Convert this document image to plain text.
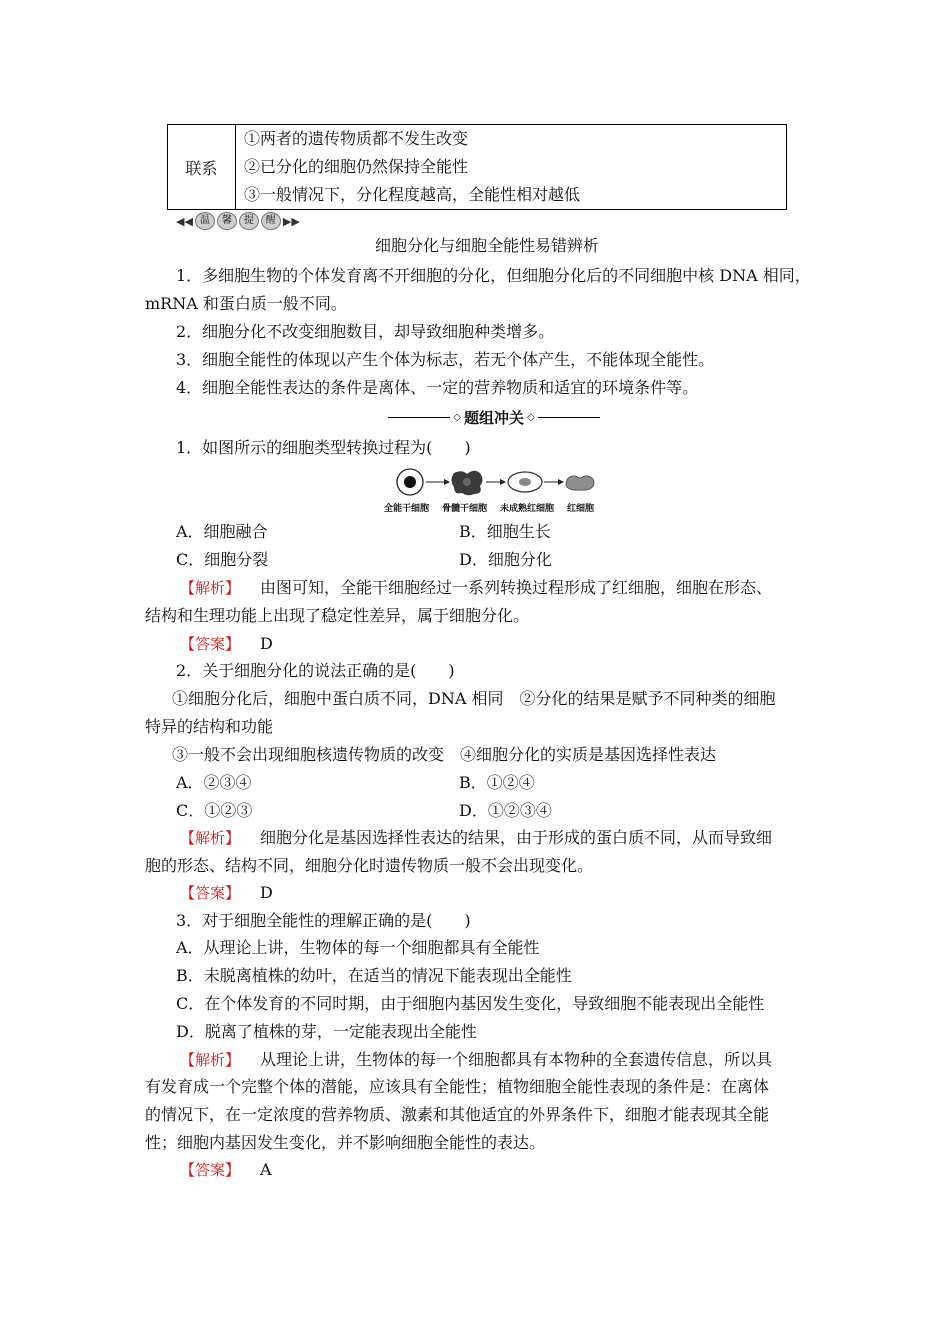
联系	
①两者的遗传物质都不发生改变
②已分化的细胞仍然保持全能性
③一般情况下，分化程度越高，全能性相对越低
◀◀ 温	馨	提	醒 ▶▶
细胞分化与细胞全能性易错辨析
1．多细胞生物的个体发育离不开细胞的分化，但细胞分化后的不同细胞中核 DNA 相同，
mRNA 和蛋白质一般不同。
2．细胞分化不改变细胞数目，却导致细胞种类增多。
3．细胞全能性的体现以产生个体为标志，若无个体产生，不能体现全能性。
4．细胞全能性表达的条件是离体、一定的营养物质和适宜的环境条件等。
◇ 题组冲关 ◇
1．如图所示的细胞类型转换过程为(　　)
全能干细胞 骨髓干细胞 未成熟红细胞 红细胞
A．细胞融合	B．细胞生长
C．细胞分裂	D．细胞分化
【解析】 由图可知，全能干细胞经过一系列转换过程形成了红细胞，细胞在形态、
结构和生理功能上出现了稳定性差异，属于细胞分化。
【答案】 D
2．关于细胞分化的说法正确的是(　　)
①细胞分化后，细胞中蛋白质不同，DNA 相同　②分化的结果是赋予不同种类的细胞
特异的结构和功能
③一般不会出现细胞核遗传物质的改变　④细胞分化的实质是基因选择性表达
A．②③④	B．①②④
C．①②③	D．①②③④
【解析】 细胞分化是基因选择性表达的结果，由于形成的蛋白质不同，从而导致细
胞的形态、结构不同，细胞分化时遗传物质一般不会出现变化。
【答案】 D
3．对于细胞全能性的理解正确的是(　　)
A．从理论上讲，生物体的每一个细胞都具有全能性
B．未脱离植株的幼叶，在适当的情况下能表现出全能性
C．在个体发育的不同时期，由于细胞内基因发生变化，导致细胞不能表现出全能性
D．脱离了植株的芽，一定能表现出全能性
【解析】 从理论上讲，生物体的每一个细胞都具有本物种的全套遗传信息，所以具
有发育成一个完整个体的潜能，应该具有全能性；植物细胞全能性表现的条件是：在离体
的情况下，在一定浓度的营养物质、激素和其他适宜的外界条件下，细胞才能表现其全能
性；细胞内基因发生变化，并不影响细胞全能性的表达。
【答案】 A
